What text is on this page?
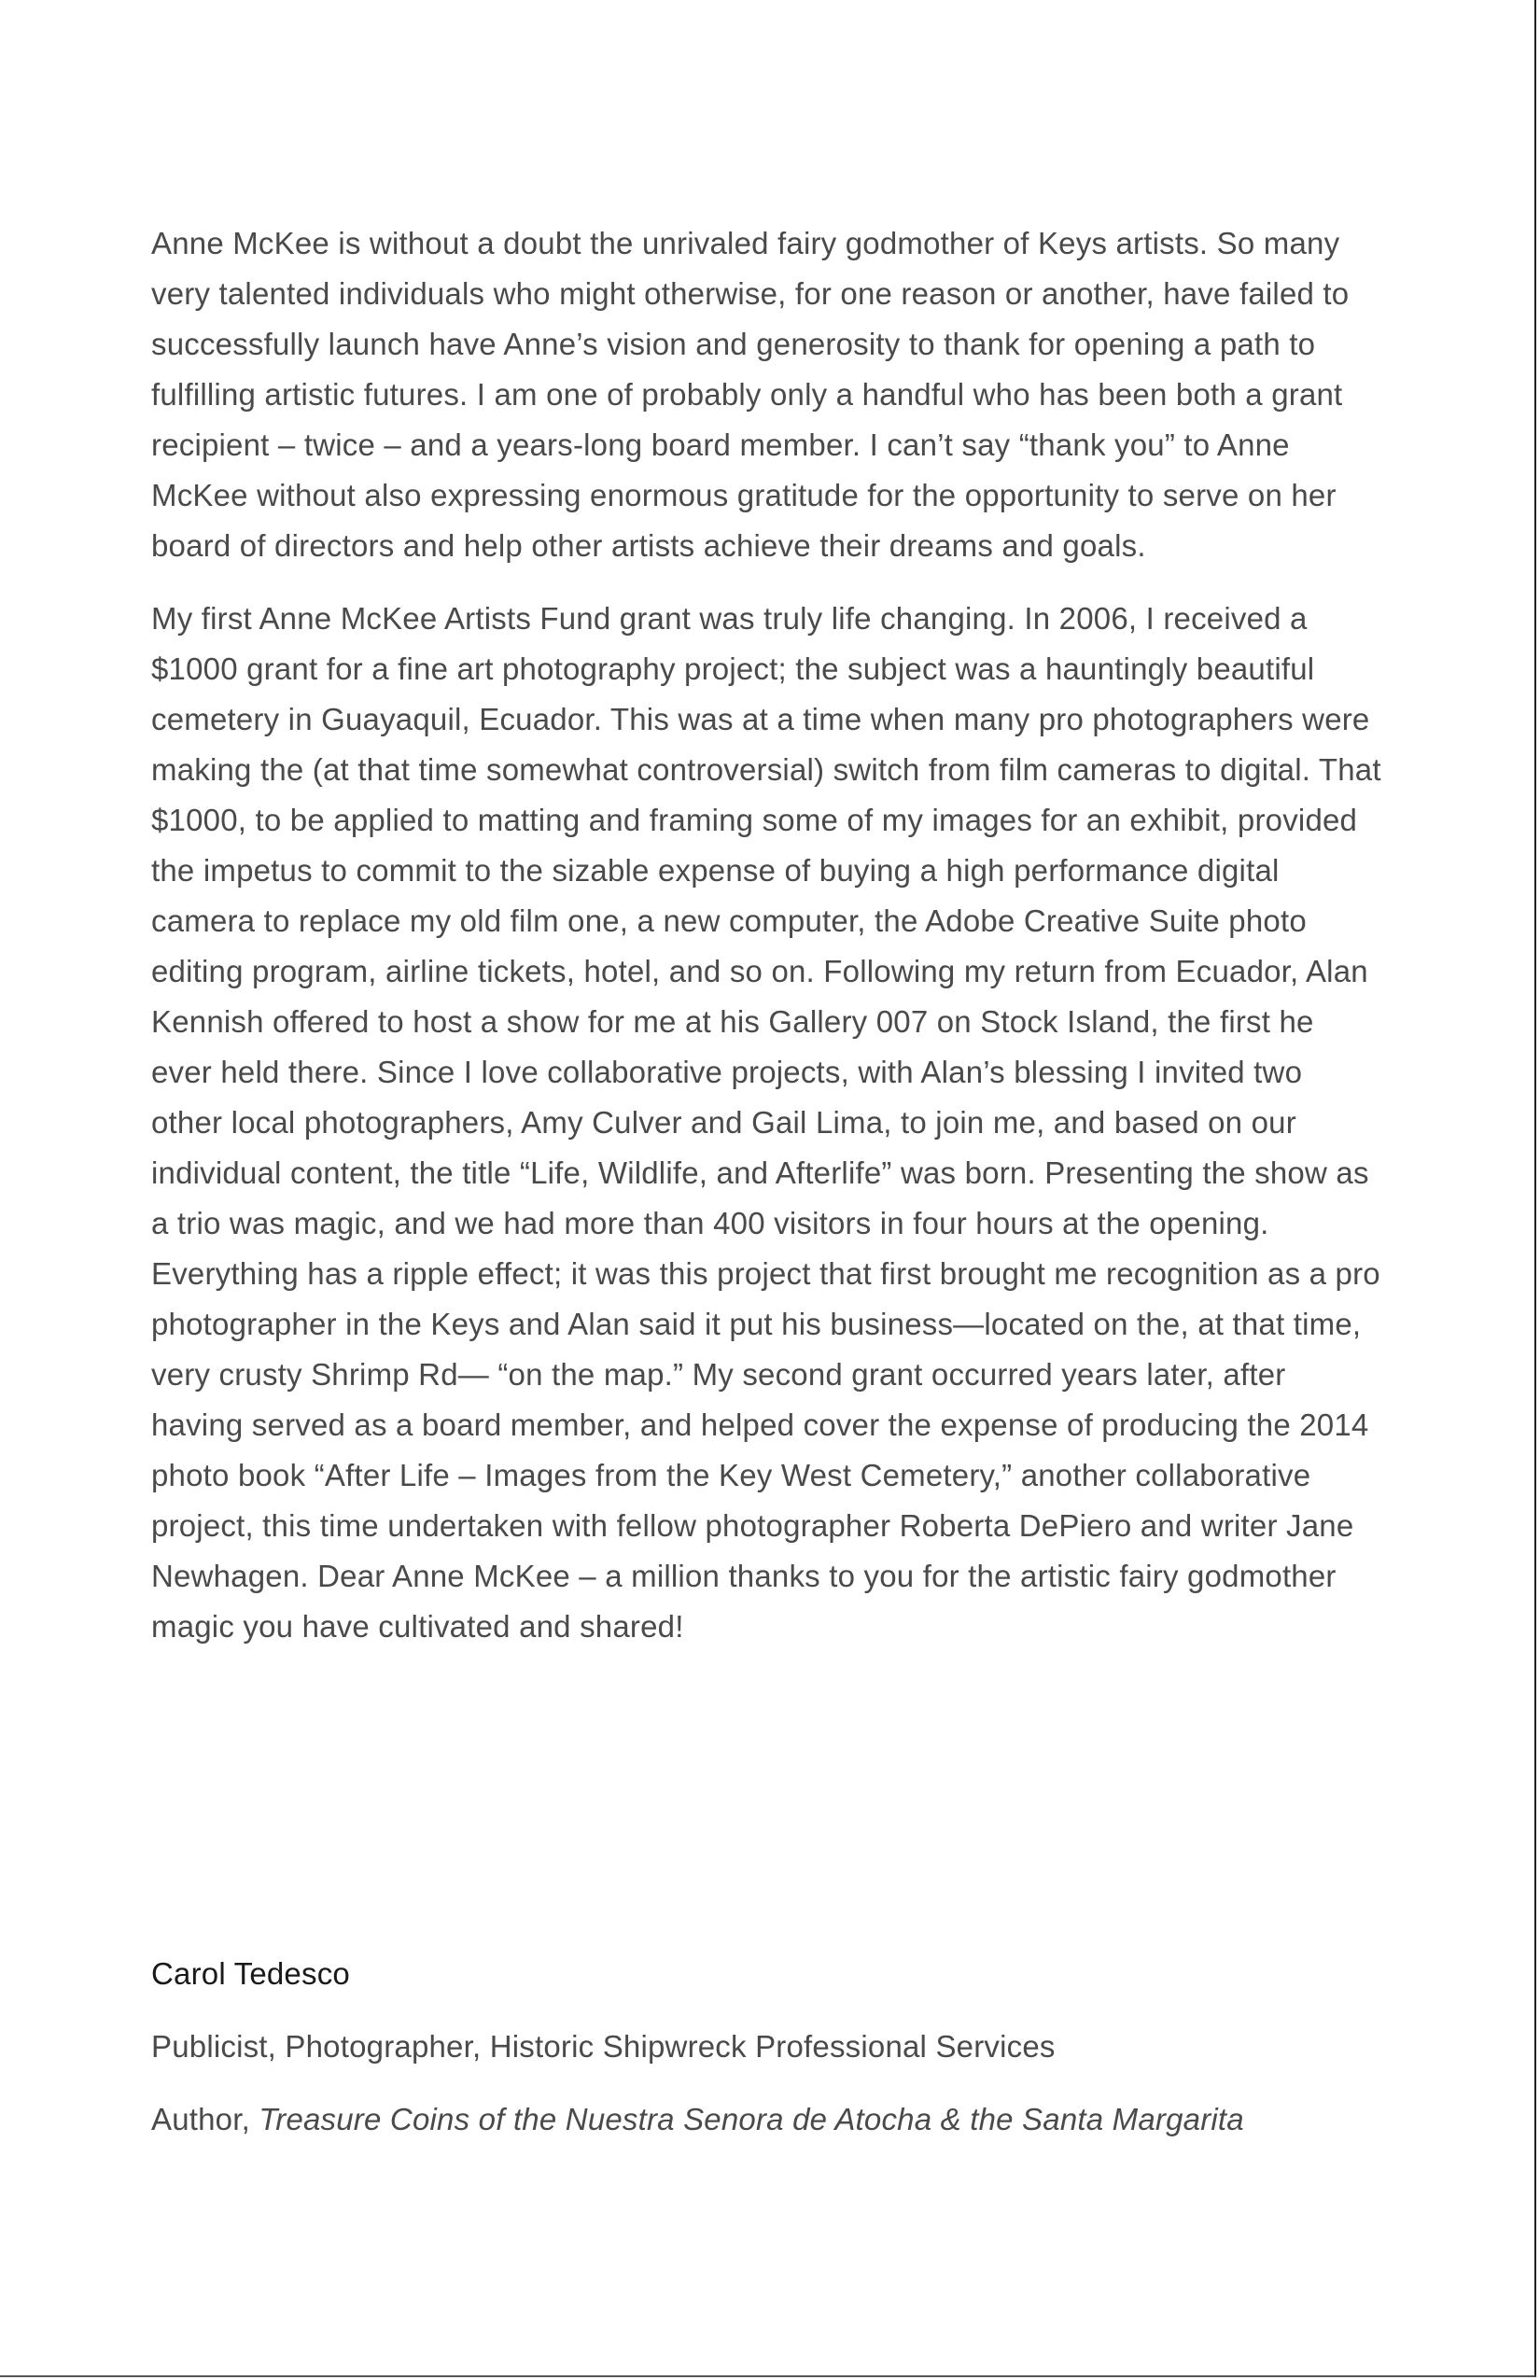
Anne McKee is without a doubt the unrivaled fairy godmother of Keys artists. So many very talented individuals who might otherwise, for one reason or another, have failed to successfully launch have Anne’s vision and generosity to thank for opening a path to fulfilling artistic futures. I am one of probably only a handful who has been both a grant recipient – twice – and a years-long board member. I can’t say “thank you” to Anne McKee without also expressing enormous gratitude for the opportunity to serve on her board of directors and help other artists achieve their dreams and goals.

My first Anne McKee Artists Fund grant was truly life changing. In 2006, I received a $1000 grant for a fine art photography project; the subject was a hauntingly beautiful cemetery in Guayaquil, Ecuador. This was at a time when many pro photographers were making the (at that time somewhat controversial) switch from film cameras to digital. That $1000, to be applied to matting and framing some of my images for an exhibit, provided the impetus to commit to the sizable expense of buying a high performance digital camera to replace my old film one, a new computer, the Adobe Creative Suite photo editing program, airline tickets, hotel, and so on. Following my return from Ecuador, Alan Kennish offered to host a show for me at his Gallery 007 on Stock Island, the first he ever held there. Since I love collaborative projects, with Alan’s blessing I invited two other local photographers, Amy Culver and Gail Lima, to join me, and based on our individual content, the title “Life, Wildlife, and Afterlife” was born. Presenting the show as a trio was magic, and we had more than 400 visitors in four hours at the opening. Everything has a ripple effect; it was this project that first brought me recognition as a pro photographer in the Keys and Alan said it put his business—located on the, at that time, very crusty Shrimp Rd— “on the map.” My second grant occurred years later, after having served as a board member, and helped cover the expense of producing the 2014 photo book “After Life – Images from the Key West Cemetery,” another collaborative project, this time undertaken with fellow photographer Roberta DePiero and writer Jane Newhagen. Dear Anne McKee – a million thanks to you for the artistic fairy godmother magic you have cultivated and shared!

Carol Tedesco
Publicist, Photographer, Historic Shipwreck Professional Services
Author, Treasure Coins of the Nuestra Senora de Atocha & the Santa Margarita
